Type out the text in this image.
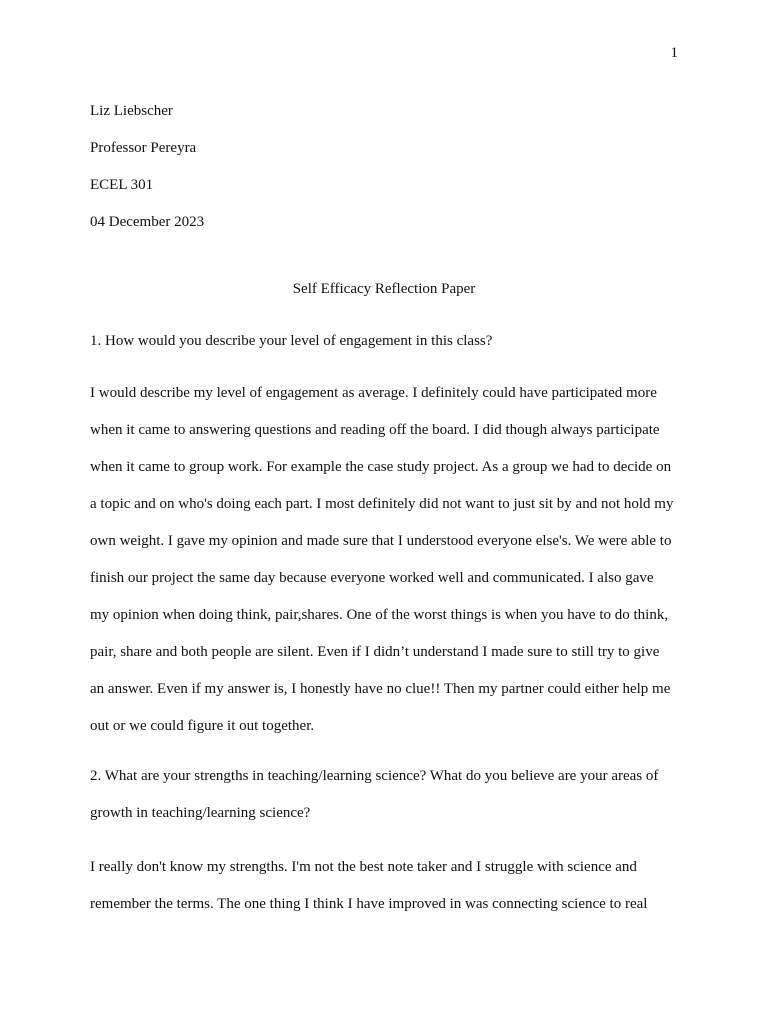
1
Liz Liebscher
Professor Pereyra
ECEL 301
04 December 2023
Self Efficacy Reflection Paper
1. How would you describe your level of engagement in this class?
I would describe my level of engagement as average. I definitely could have participated more
when it came to answering questions and reading off the board. I did though always participate
when it came to group work. For example the case study project. As a group we had to decide on
a topic and on who's doing each part. I most definitely did not want to just sit by and not hold my
own weight. I gave my opinion and made sure that I understood everyone else's. We were able to
finish our project the same day because everyone worked well and communicated. I also gave
my opinion when doing think, pair,shares. One of the worst things is when you have to do think,
pair, share and both people are silent. Even if I didn’t understand I made sure to still try to give
an answer. Even if my answer is, I honestly have no clue!! Then my partner could either help me
out or we could figure it out together.
2. What are your strengths in teaching/learning science? What do you believe are your areas of
growth in teaching/learning science?
I really don't know my strengths. I'm not the best note taker and I struggle with science and
remember the terms. The one thing I think I have improved in was connecting science to real
